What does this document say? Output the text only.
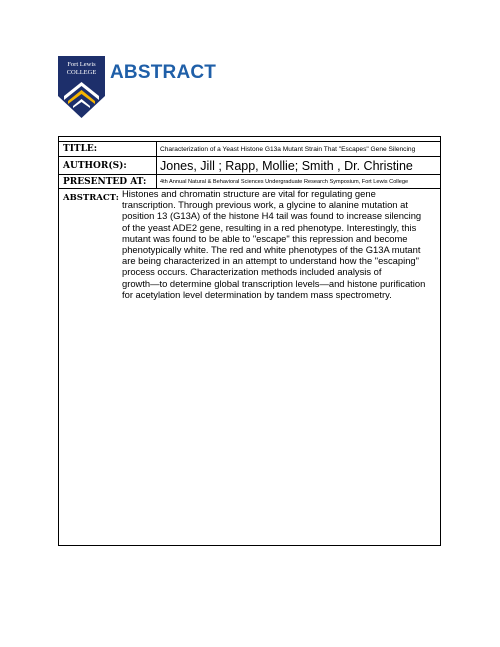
Fort Lewis
COLLEGE ABSTRACT
TITLE:	Characterization of a Yeast Histone G13a Mutant Strain That "Escapes" Gene Silencing
AUTHOR(S):	Jones, Jill ; Rapp, Mollie; Smith , Dr. Christine
PRESENTED AT:	4th Annual Natural & Behavioral Sciences Undergraduate Research Symposium, Fort Lewis College
ABSTRACT: Histones and chromatin structure are vital for regulating gene
transcription. Through previous work, a glycine to alanine mutation at
position 13 (G13A) of the histone H4 tail was found to increase silencing
of the yeast ADE2 gene, resulting in a red phenotype. Interestingly, this
mutant was found to be able to "escape" this repression and become
phenotypically white. The red and white phenotypes of the G13A mutant
are being characterized in an attempt to understand how the "escaping"
process occurs. Characterization methods included analysis of
growth—to determine global transcription levels—and histone purification
for acetylation level determination by tandem mass spectrometry.
